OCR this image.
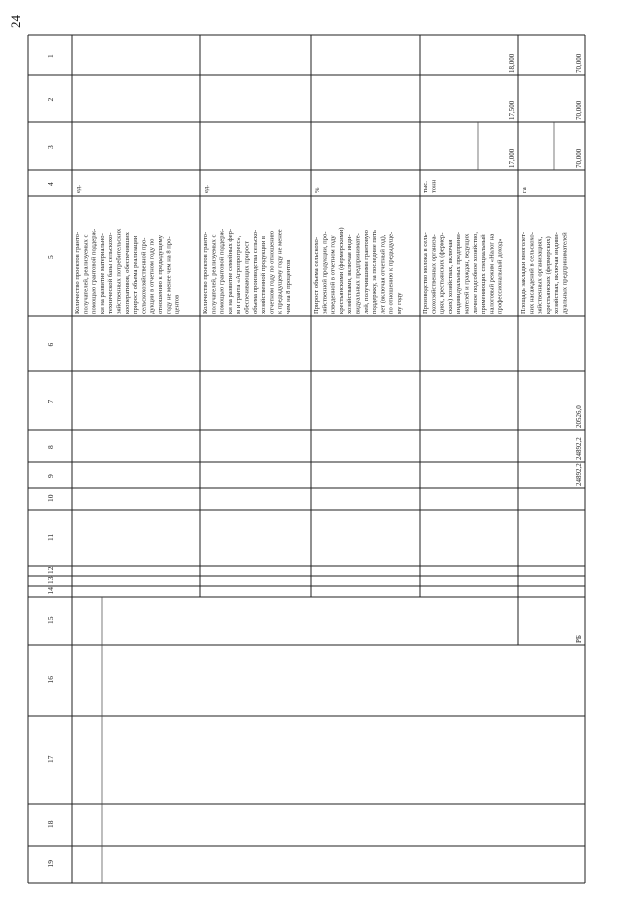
24
1
2
3
4
5
6
7
8
9
10
11
12
13
14
15
16
17
18
19
Количество проектов гранто- получателей, реализуемых с помощью грантовой поддерж- ки на развитие материально- технической базы сельскохо- зяйственных потребительских кооперативов, обеспечивших прирост объема реализации сельскохозяйственной про- дукции в отчетном году по отношению к предыдущему году не менее чем на 8 про- центов
ед.
Количество проектов гранто- получателей, реализуемых с помощью грантовой поддерж- ки на развитие семейных фер- м и гранта «Агропрогресс», обеспечивающих прирост объема производства сельско- хозяйственной продукции в отчетном году по отношению к предыдущему году не менее чем на 8 процентов
ед.
Прирост объема сельскохо- зяйственной продукции, про- изведенной в отчетном году крестьянскими (фермерскими) хозяйствами, включая инди- видуальных предпринимате- лей, получившими грантовую поддержку, за последние пять лет (включая отчетный год), по отношению к предыдуще- му году
%
Производство молока в сель- скохозяйственных организа- циях, крестьянских (фермер- ских) хозяйствах, включая индивидуальных предприни- мателей и граждан, ведущих личное подсобное хозяйство, применяющих специальный налоговый режим «Налог на профессиональный доход»
тыс. тонн
17,000
17,500
18,000
Площадь закладки многолет- них насаждений в сельскохо- зяйственных организациях, крестьянских (фермерских) хозяйствах, включая индиви- дуальных предпринимателей
га
70,000
70,000
70,000
РБ
24892,2
24892,2
20526,0
